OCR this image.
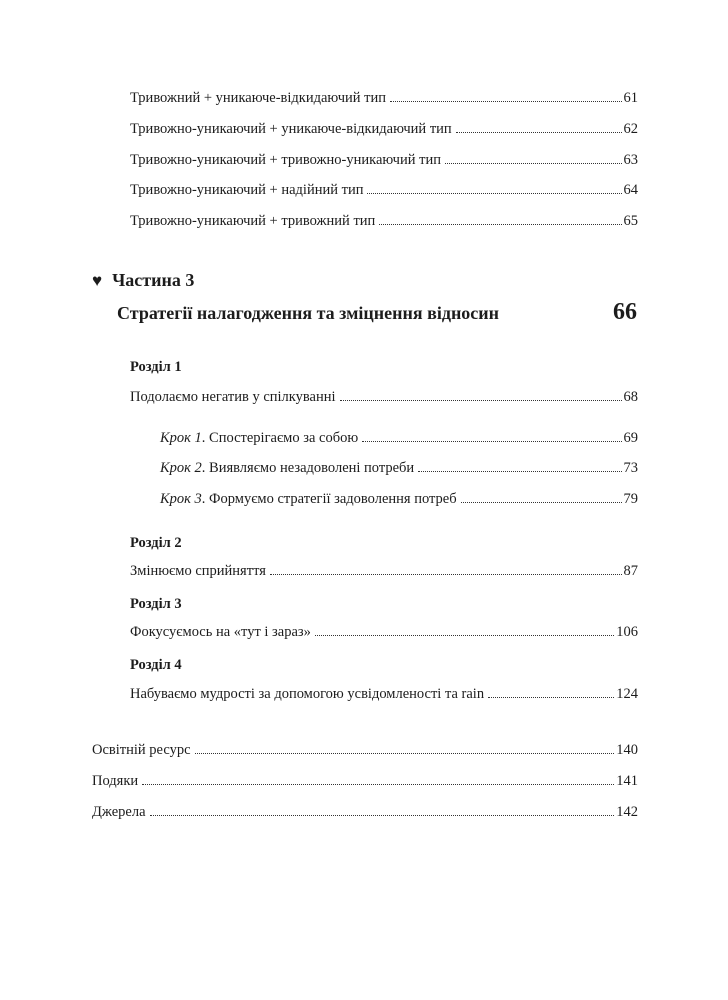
Тривожний + уникаюче-відкидаючий тип	61
Тривожно-уникаючий + уникаюче-відкидаючий тип	62
Тривожно-уникаючий + тривожно-уникаючий тип	63
Тривожно-уникаючий + надійний тип	64
Тривожно-уникаючий + тривожний тип	65
♥ Частина 3
Стратегії налагодження та зміцнення відносин	66
Розділ 1
Подолаємо негатив у спілкуванні	68
Крок 1. Спостерігаємо за собою	69
Крок 2. Виявляємо незадоволені потреби	73
Крок 3. Формуємо стратегії задоволення потреб	79
Розділ 2
Змінюємо сприйняття	87
Розділ 3
Фокусуємось на «тут і зараз»	106
Розділ 4
Набуваємо мудрості за допомогою усвідомленості та rain	124
Освітній ресурс	140
Подяки	141
Джерела	142
